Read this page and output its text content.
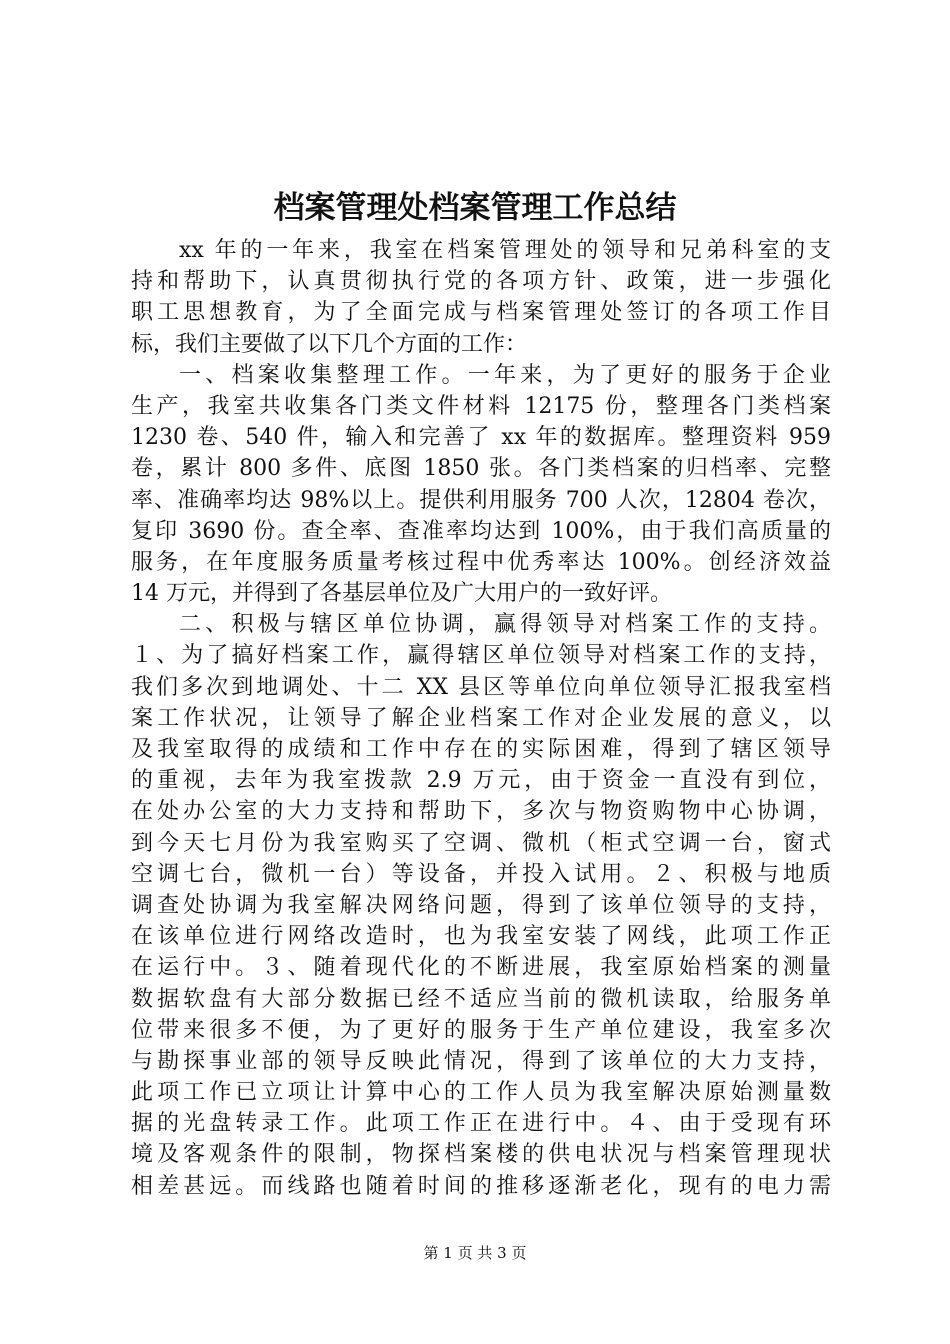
档案管理处档案管理工作总结
xx 年的一年来，我室在档案管理处的领导和兄弟科室的支
持和帮助下，认真贯彻执行党的各项方针、政策，进一步强化
职工思想教育，为了全面完成与档案管理处签订的各项工作目
标，我们主要做了以下几个方面的工作：
一、档案收集整理工作。一年来，为了更好的服务于企业
生产，我室共收集各门类文件材料 12175 份，整理各门类档案
1230 卷、540 件，输入和完善了 xx 年的数据库。整理资料 959
卷，累计 800 多件、底图 1850 张。各门类档案的归档率、完整
率、准确率均达 98%以上。提供利用服务 700 人次，12804 卷次，
复印 3690 份。查全率、查准率均达到 100%，由于我们高质量的
服务，在年度服务质量考核过程中优秀率达 100%。创经济效益
14 万元，并得到了各基层单位及广大用户的一致好评。
二、积极与辖区单位协调，赢得领导对档案工作的支持。
１、为了搞好档案工作，赢得辖区单位领导对档案工作的支持，
我们多次到地调处、十二 XX 县区等单位向单位领导汇报我室档
案工作状况，让领导了解企业档案工作对企业发展的意义，以
及我室取得的成绩和工作中存在的实际困难，得到了辖区领导
的重视，去年为我室拨款 2.9 万元，由于资金一直没有到位，
在处办公室的大力支持和帮助下，多次与物资购物中心协调，
到今天七月份为我室购买了空调、微机（柜式空调一台，窗式
空调七台，微机一台）等设备，并投入试用。２、积极与地质
调查处协调为我室解决网络问题，得到了该单位领导的支持，
在该单位进行网络改造时，也为我室安装了网线，此项工作正
在运行中。３、随着现代化的不断进展，我室原始档案的测量
数据软盘有大部分数据已经不适应当前的微机读取，给服务单
位带来很多不便，为了更好的服务于生产单位建设，我室多次
与勘探事业部的领导反映此情况，得到了该单位的大力支持，
此项工作已立项让计算中心的工作人员为我室解决原始测量数
据的光盘转录工作。此项工作正在进行中。４、由于受现有环
境及客观条件的限制，物探档案楼的供电状况与档案管理现状
相差甚远。而线路也随着时间的推移逐渐老化，现有的电力需
第 1 页 共 3 页
